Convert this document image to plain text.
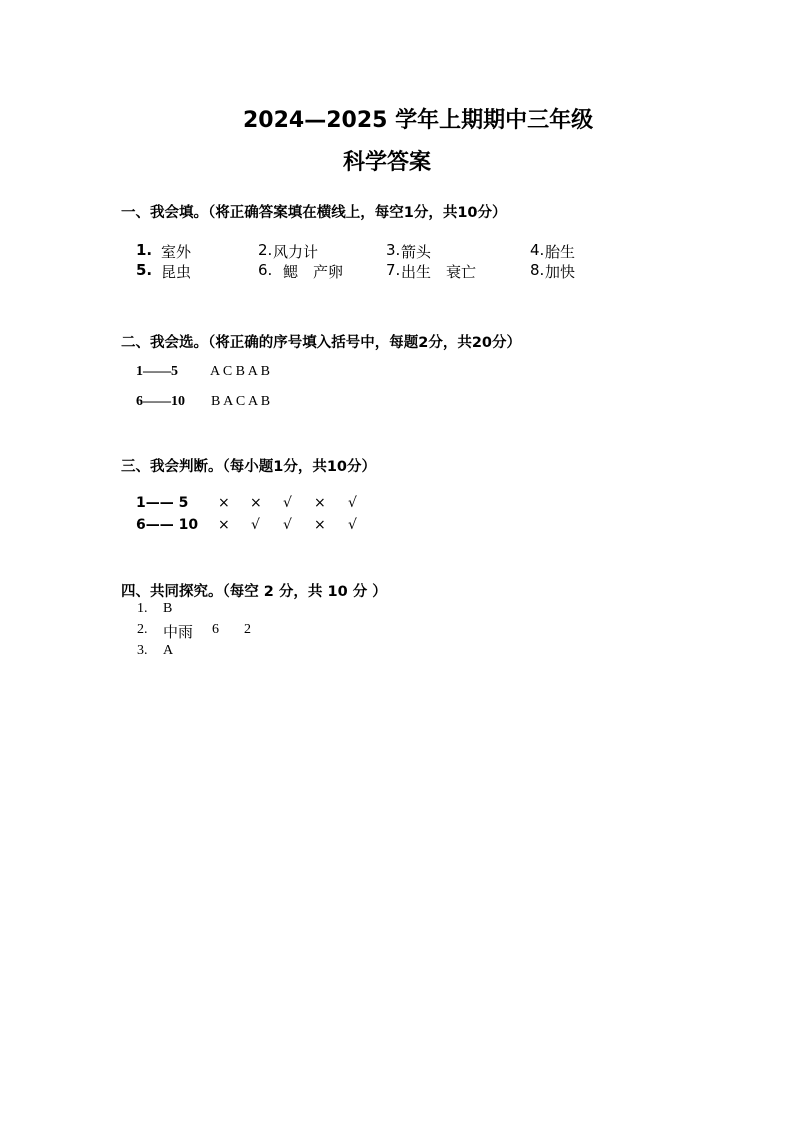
2024—2025 学年上期期中三年级
科学答案
一、我会填。（将正确答案填在横线上，每空1分，共10分）
1. 室外	2. 风力计	3. 箭头	4. 胎生
5. 昆虫	6. 鳃　产卵	7. 出生　衰亡	8. 加快
二、我会选。（将正确的序号填入括号中，每题2分，共20分）
1——5 A C B A B
6——10 B A C A B
三、我会判断。（每小题1分，共10分）
1—— 5 × × √ × √
6—— 10 × √ √ × √
四、共同探究。（每空 2 分，共 10 分 ）
1. B
2. 中雨 6 2
3. A
